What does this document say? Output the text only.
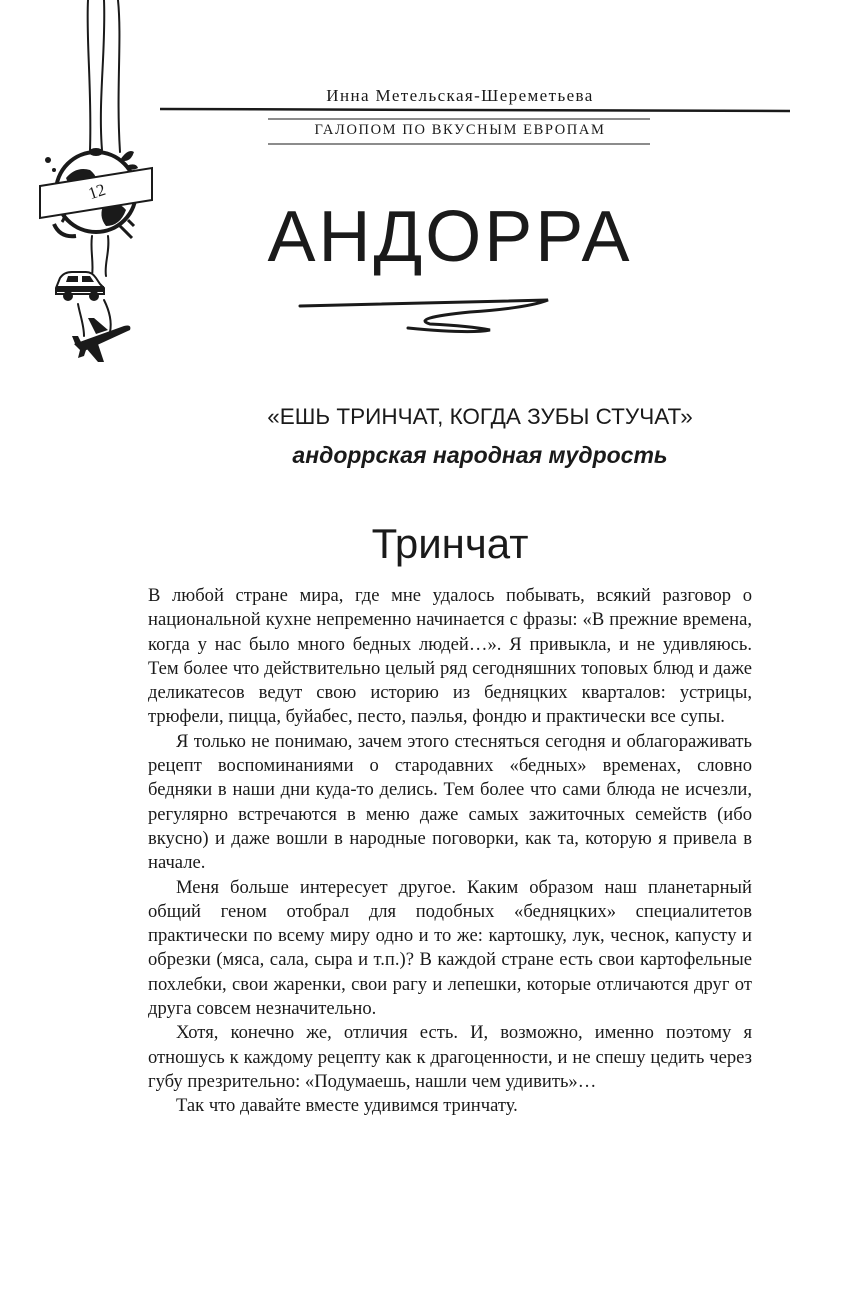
Инна Метельская-Шереметьева
ГАЛОПОМ ПО ВКУСНЫМ ЕВРОПАМ
12
АНДОРРА
«ЕШЬ ТРИНЧАТ, КОГДА ЗУБЫ СТУЧАТ»
андоррская народная мудрость
Тринчат

В любой стране мира, где мне удалось побывать, всякий разговор о национальной кухне непременно начинается с фразы: «В прежние времена, когда у нас было много бедных людей…». Я привыкла, и не удивляюсь. Тем более что действительно целый ряд сегодняшних топовых блюд и даже деликатесов ведут свою историю из бедняцких кварталов: устрицы, трюфели, пицца, буйабес, песто, паэлья, фондю и практически все супы.

Я только не понимаю, зачем этого стесняться сегодня и облагораживать рецепт воспоминаниями о стародавних «бедных» временах, словно бедняки в наши дни куда-то делись. Тем более что сами блюда не исчезли, регулярно встречаются в меню даже самых зажиточных семейств (ибо вкусно) и даже вошли в народные поговорки, как та, которую я привела в начале.

Меня больше интересует другое. Каким образом наш планетарный общий геном отобрал для подобных «бедняцких» специалитетов практически по всему миру одно и то же: картошку, лук, чеснок, капусту и обрезки (мяса, сала, сыра и т.п.)? В каждой стране есть свои картофельные похлебки, свои жаренки, свои рагу и лепешки, которые отличаются друг от друга совсем незначительно.

Хотя, конечно же, отличия есть. И, возможно, именно поэтому я отношусь к каждому рецепту как к драгоценности, и не спешу цедить через губу презрительно: «Подумаешь, нашли чем удивить»…

Так что давайте вместе удивимся тринчату.
